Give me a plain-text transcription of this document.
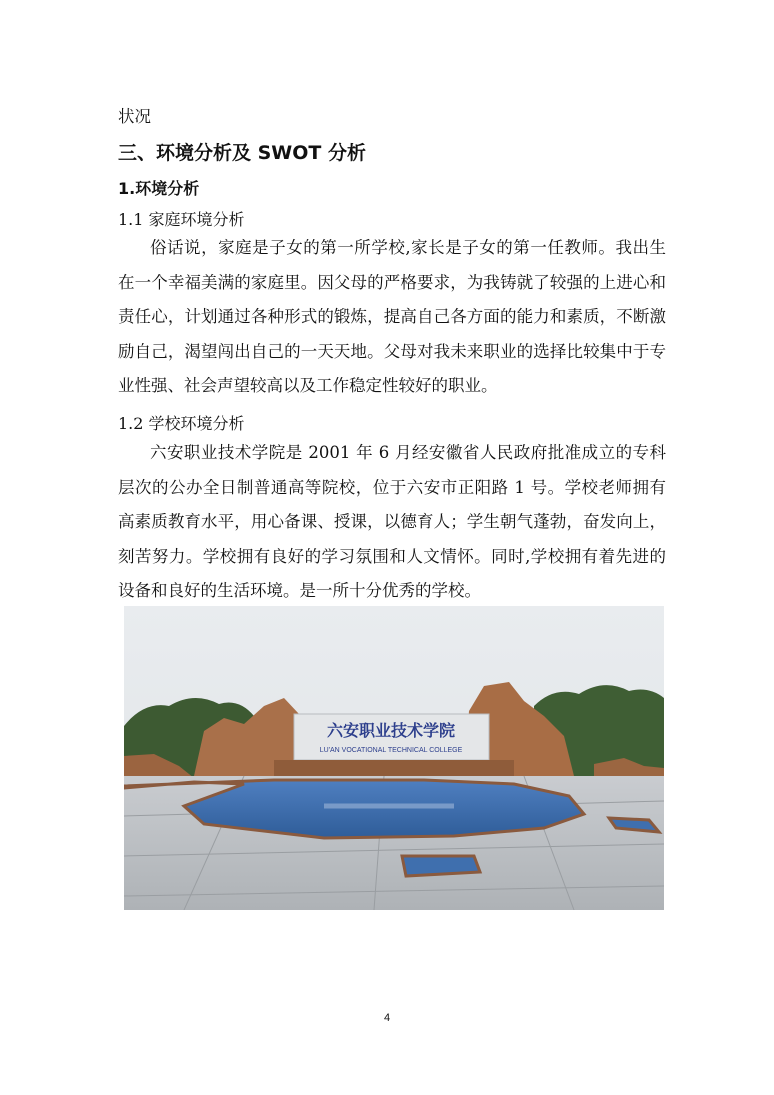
状况
三、环境分析及 SWOT 分析
1.环境分析
1.1 家庭环境分析

俗话说，家庭是子女的第一所学校,家长是子女的第一任教师。我出生在一个幸福美满的家庭里。因父母的严格要求，为我铸就了较强的上进心和责任心，计划通过各种形式的锻炼，提高自己各方面的能力和素质，不断激励自己，渴望闯出自己的一天天地。父母对我未来职业的选择比较集中于专业性强、社会声望较高以及工作稳定性较好的职业。

1.2 学校环境分析

六安职业技术学院是 2001 年 6 月经安徽省人民政府批准成立的专科层次的公办全日制普通高等院校，位于六安市正阳路 1 号。学校老师拥有高素质教育水平，用心备课、授课，以德育人；学生朝气蓬勃，奋发向上，刻苦努力。学校拥有良好的学习氛围和人文情怀。同时,学校拥有着先进的设备和良好的生活环境。是一所十分优秀的学校。

六安职业技术学院
LU'AN VOCATIONAL TECHNICAL COLLEGE
4
